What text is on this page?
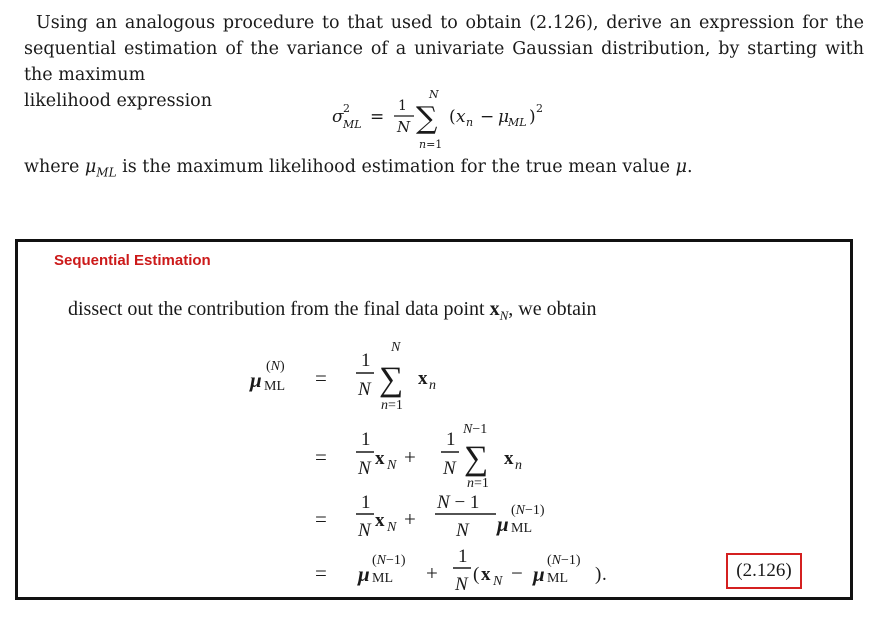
Using an analogous procedure to that used to obtain (2.126), derive an expression for the sequential estimation of the variance of a univariate Gaussian distribution, by starting with the maximum
likelihood expression
σ 2
ML =
1
N
N
∑
n=1
( x n − μ
ML ) 2
where $\mu_{ML}$ is the maximum likelihood estimation for the true mean value μ.
Sequential Estimation
dissect out the contribution from the final data point $x_N$, we obtain
μ
(N)
ML =
1
N
N
∑
n=1
x n
=
1
N x N +
1
N
N−1
∑
n=1
x n
=
1
N x N +
N − 1
N μ
(N−1)
ML
= μ
(N−1)
ML +
1
N ( x N − μ
(N−1)
ML ) .	(2.126)
